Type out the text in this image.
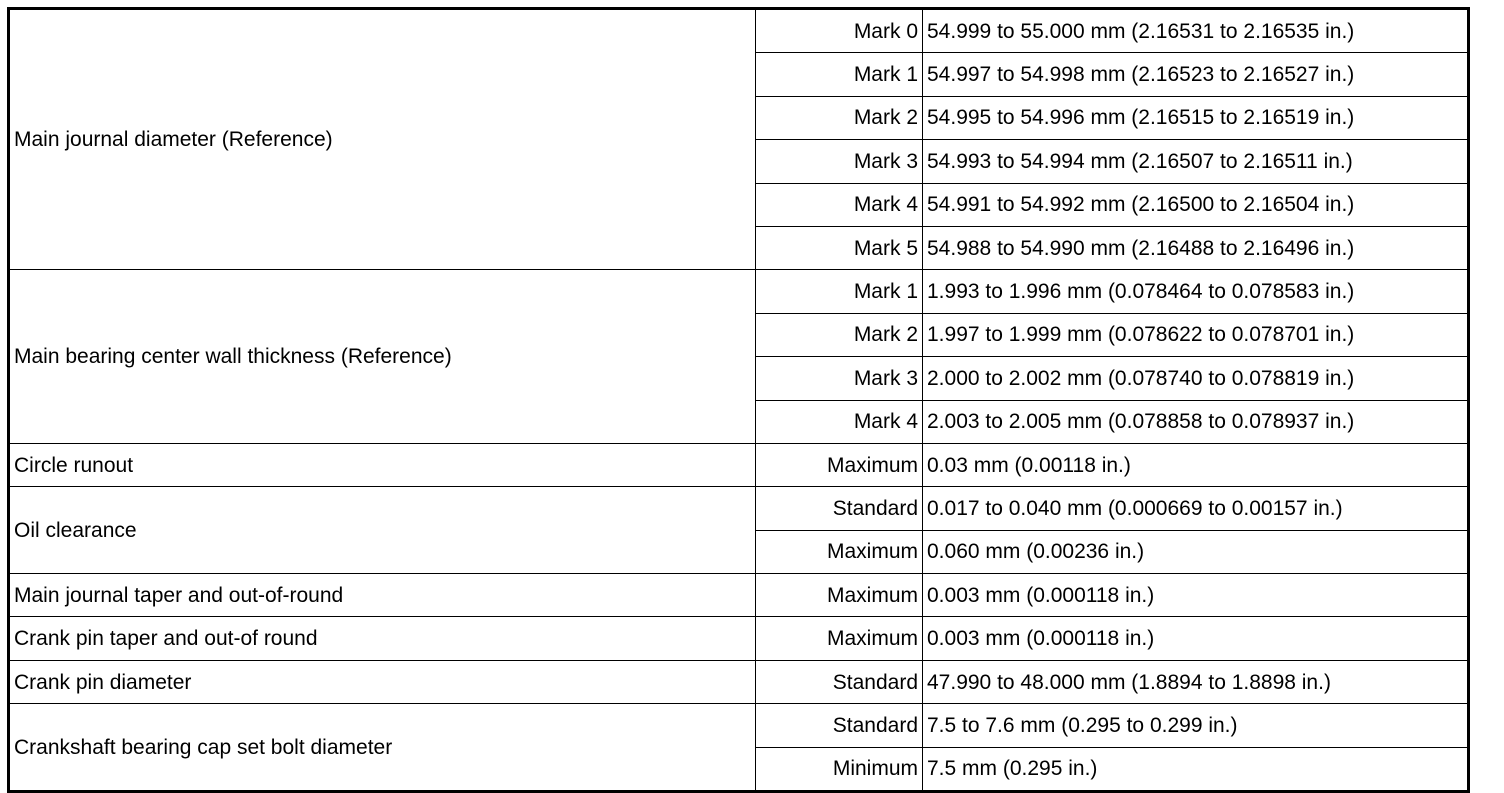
Main journal diameter (Reference)	Mark 0	54.999 to 55.000 mm (2.16531 to 2.16535 in.)
	Mark 1	54.997 to 54.998 mm (2.16523 to 2.16527 in.)
	Mark 2	54.995 to 54.996 mm (2.16515 to 2.16519 in.)
	Mark 3	54.993 to 54.994 mm (2.16507 to 2.16511 in.)
	Mark 4	54.991 to 54.992 mm (2.16500 to 2.16504 in.)
	Mark 5	54.988 to 54.990 mm (2.16488 to 2.16496 in.)
Main bearing center wall thickness (Reference)	Mark 1	1.993 to 1.996 mm (0.078464 to 0.078583 in.)
	Mark 2	1.997 to 1.999 mm (0.078622 to 0.078701 in.)
	Mark 3	2.000 to 2.002 mm (0.078740 to 0.078819 in.)
	Mark 4	2.003 to 2.005 mm (0.078858 to 0.078937 in.)
Circle runout	Maximum	0.03 mm (0.00118 in.)
Oil clearance	Standard	0.017 to 0.040 mm (0.000669 to 0.00157 in.)
	Maximum	0.060 mm (0.00236 in.)
Main journal taper and out-of-round	Maximum	0.003 mm (0.000118 in.)
Crank pin taper and out-of round	Maximum	0.003 mm (0.000118 in.)
Crank pin diameter	Standard	47.990 to 48.000 mm (1.8894 to 1.8898 in.)
Crankshaft bearing cap set bolt diameter	Standard	7.5 to 7.6 mm (0.295 to 0.299 in.)
	Minimum	7.5 mm (0.295 in.)
